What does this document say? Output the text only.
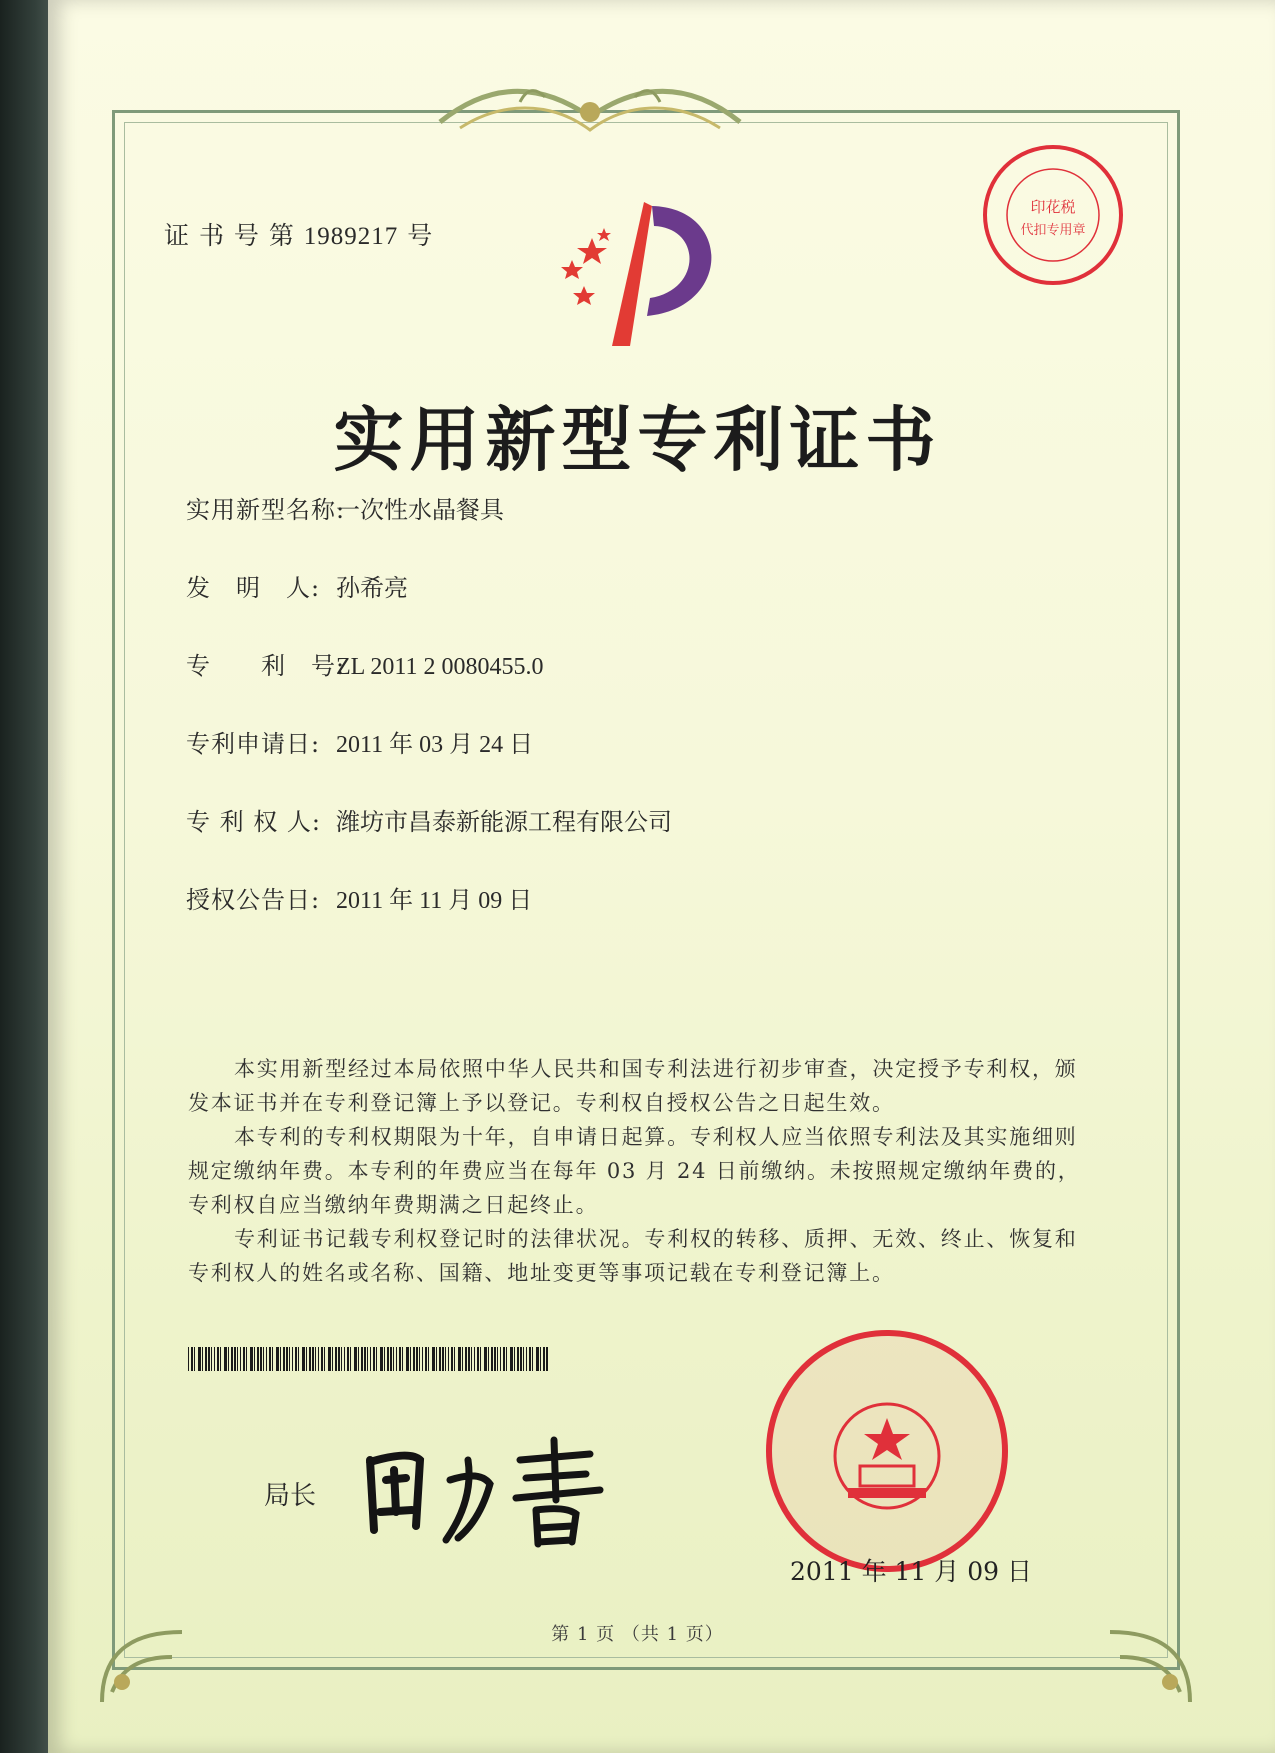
证 书 号 第 1989217 号
印花税
代扣专用章
实用新型专利证书
实用新型名称:一次性水晶餐具
发　明　人: 孙希亮
专　　利　号:ZL 2011 2 0080455.0
专利申请日: 2011 年 03 月 24 日
专 利 权 人: 潍坊市昌泰新能源工程有限公司
授权公告日: 2011 年 11 月 09 日

本实用新型经过本局依照中华人民共和国专利法进行初步审查，决定授予专利权，颁发本证书并在专利登记簿上予以登记。专利权自授权公告之日起生效。

本专利的专利权期限为十年，自申请日起算。专利权人应当依照专利法及其实施细则规定缴纳年费。本专利的年费应当在每年 03 月 24 日前缴纳。未按照规定缴纳年费的，专利权自应当缴纳年费期满之日起终止。

专利证书记载专利权登记时的法律状况。专利权的转移、质押、无效、终止、恢复和专利权人的姓名或名称、国籍、地址变更等事项记载在专利登记簿上。

局长
2011 年 11 月 09 日
第 1 页 （共 1 页）
